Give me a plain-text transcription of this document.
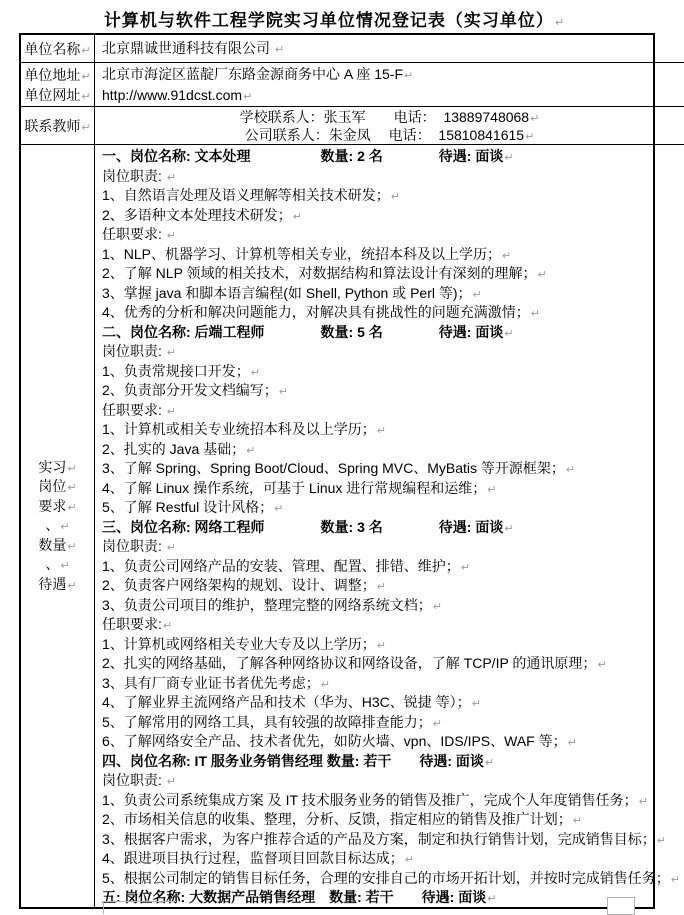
计算机与软件工程学院实习单位情况登记表（实习单位）↵
单位名称↵ 北京鼎诚世通科技有限公司 ↵
单位地址↵
单位网址↵
北京市海淀区蓝靛厂东路金源商务中心 A 座 15-F↵
http://www.91dcst.com↵
联系教师↵
学校联系人：张玉军　　电话：  13889748068↵
公司联系人：朱金凤　 电话：  15810841615↵
实习↵
岗位↵
要求↵
、↵
数量↵
、↵
待遇↵
一、岗位名称: 文本处理　　　　　数量: 2 名　　　　待遇: 面谈↵
岗位职责: ↵
1、自然语言处理及语义理解等相关技术研发；↵
2、多语种文本处理技术研发；↵
任职要求: ↵
1、NLP、机器学习、计算机等相关专业，统招本科及以上学历；↵
2、了解 NLP 领域的相关技术，对数据结构和算法设计有深刻的理解；↵
3、掌握 java 和脚本语言编程(如 Shell, Python 或 Perl 等)；↵
4、优秀的分析和解决问题能力，对解决具有挑战性的问题充满激情；↵
二、岗位名称: 后端工程师　　　　数量: 5 名　　　　待遇: 面谈↵
岗位职责: ↵
1、负责常规接口开发；↵
2、负责部分开发文档编写；↵
任职要求: ↵
1、计算机或相关专业统招本科及以上学历；↵
2、扎实的 Java 基础；↵
3、了解 Spring、Spring Boot/Cloud、Spring MVC、MyBatis 等开源框架；↵
4、了解 Linux 操作系统，可基于 Linux 进行常规编程和运维；↵
5、了解 Restful 设计风格；↵
三、岗位名称: 网络工程师　　　　数量: 3 名　　　　待遇: 面谈↵
岗位职责: ↵
1、负责公司网络产品的安装、管理、配置、排错、维护；↵
2、负责客户网络架构的规划、设计、调整；↵
3、负责公司项目的维护，整理完整的网络系统文档；↵
任职要求:↵
1、计算机或网络相关专业大专及以上学历；↵
2、扎实的网络基础，了解各种网络协议和网络设备，了解 TCP/IP 的通讯原理；↵
3、具有厂商专业证书者优先考虑；↵
4、了解业界主流网络产品和技术（华为、H3C、锐捷 等）；↵
5、了解常用的网络工具，具有较强的故障排查能力；↵
6、了解网络安全产品、技术者优先，如防火墙、vpn、IDS/IPS、WAF 等；↵
四、岗位名称: IT 服务业务销售经理 数量: 若干　　待遇: 面谈↵
岗位职责: ↵
1、负责公司系统集成方案 及 IT 技术服务业务的销售及推广，完成个人年度销售任务；↵
2、市场相关信息的收集、整理，分析、反馈，指定相应的销售及推广计划；↵
3、根据客户需求，为客户推荐合适的产品及方案，制定和执行销售计划，完成销售目标；↵
4、跟进项目执行过程，监督项目回款目标达成；↵
5、根据公司制定的销售目标任务，合理的安排自己的市场开拓计划，并按时完成销售任务；↵
五: 岗位名称: 大数据产品销售经理　数量: 若干　　待遇: 面谈↵
